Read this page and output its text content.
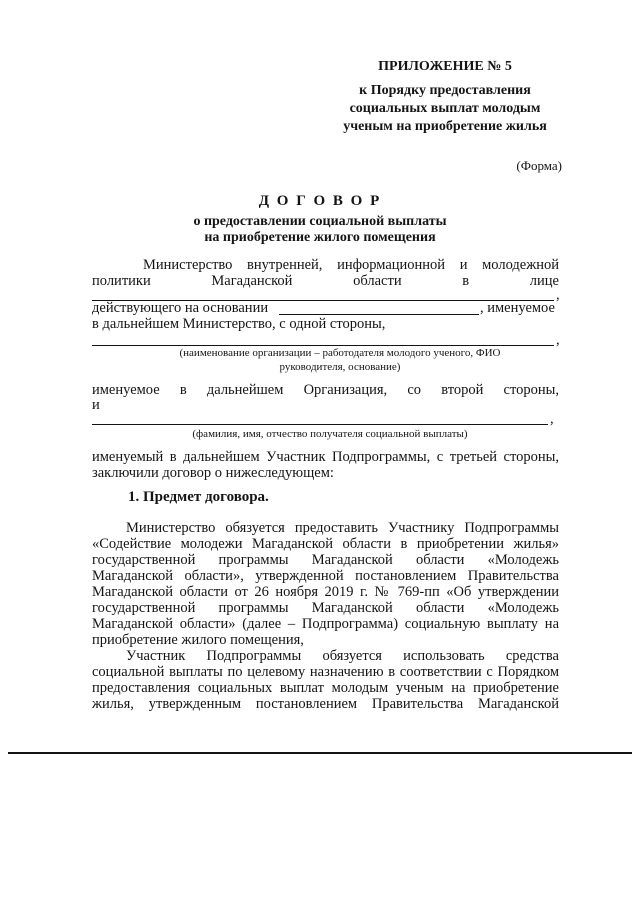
ПРИЛОЖЕНИЕ № 5
к Порядку предоставления
социальных выплат молодым
ученым на приобретение жилья
(Форма)
Д О Г О В О Р
о предоставлении социальной выплаты
на приобретение жилого помещения
Министерство внутренней, информационной и молодежной
политики	Магаданской	области	в	лице
,
действующего на основании	, именуемое
в дальнейшем Министерство, с одной стороны,
,
(наименование организации – работодателя молодого ученого, ФИО
руководителя, основание)
именуемое в дальнейшем Организация, со второй стороны,
и
,
(фамилия, имя, отчество получателя социальной выплаты)
именуемый в дальнейшем Участник Подпрограммы, с третьей стороны,
заключили договор о нижеследующем:
1. Предмет договора.
Министерство обязуется предоставить Участнику Подпрограммы
«Содействие молодежи Магаданской области в приобретении жилья»
государственной программы Магаданской области «Молодежь
Магаданской области», утвержденной постановлением Правительства
Магаданской области от 26 ноября 2019 г. № 769-пп «Об утверждении
государственной программы Магаданской области «Молодежь
Магаданской области» (далее – Подпрограмма) социальную выплату на
приобретение жилого помещения,
Участник Подпрограммы обязуется использовать средства
социальной выплаты по целевому назначению в соответствии с Порядком
предоставления социальных выплат молодым ученым на приобретение
жилья, утвержденным постановлением Правительства Магаданской
